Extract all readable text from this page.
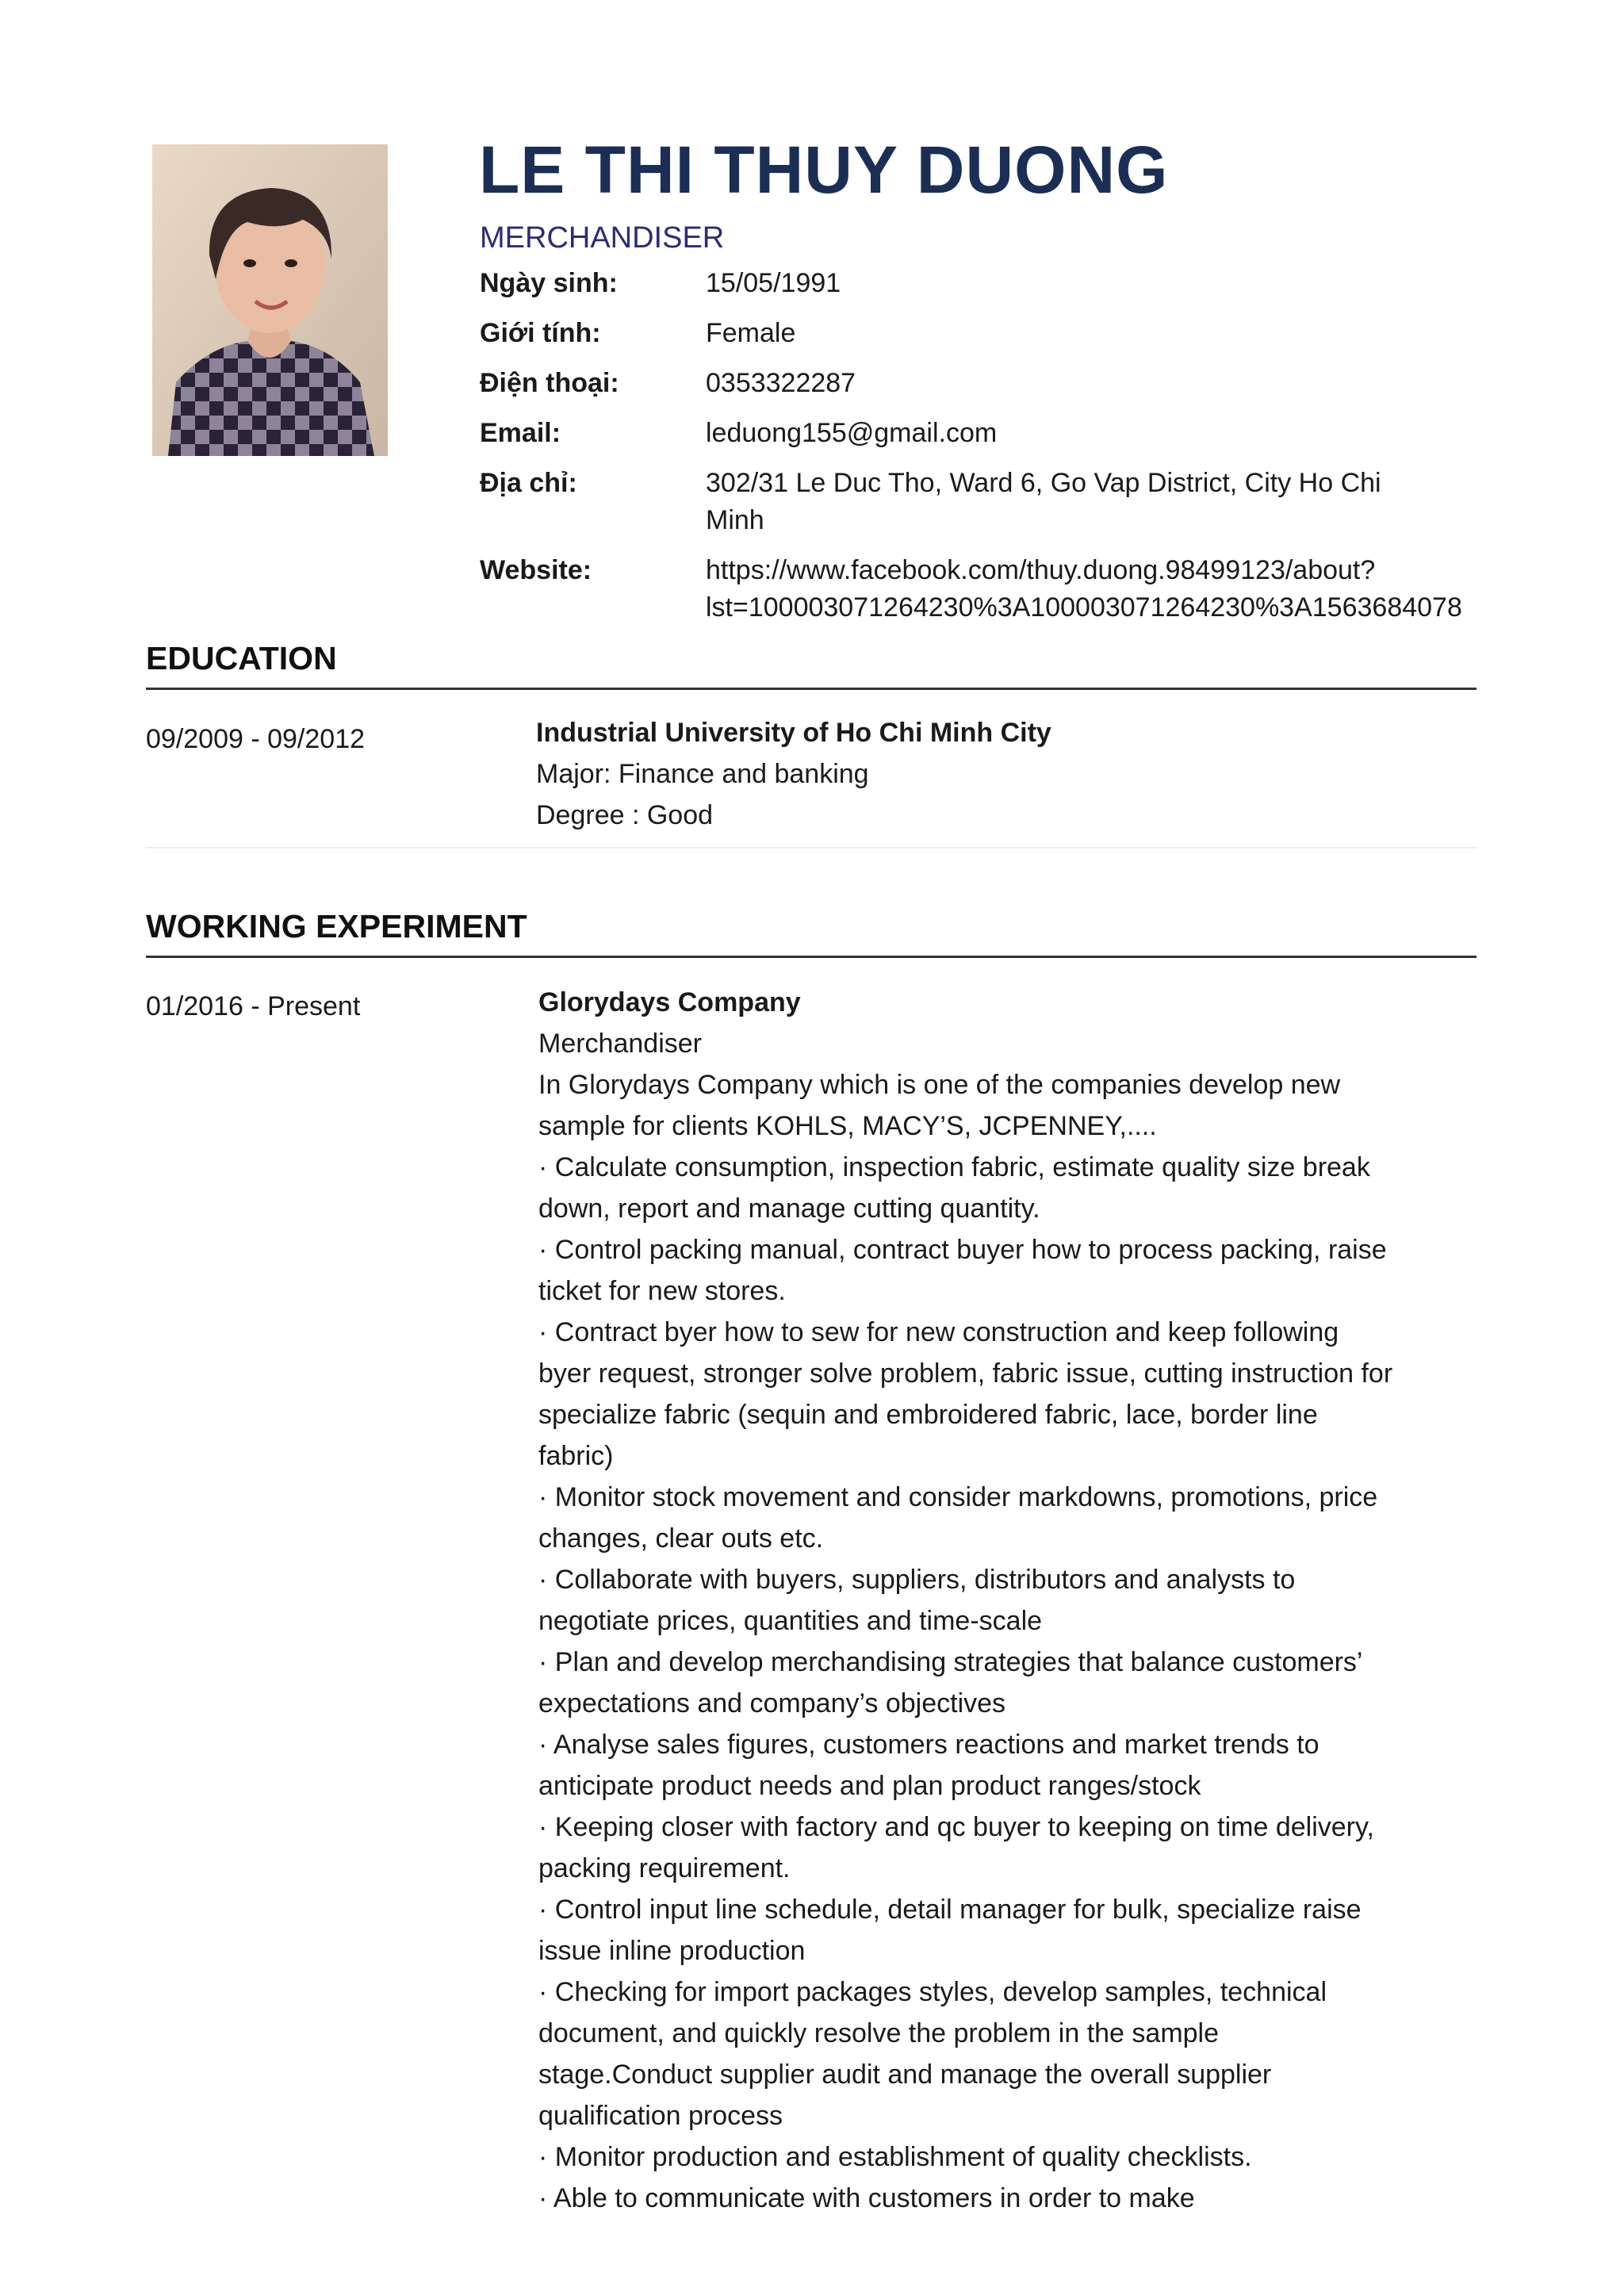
LE THI THUY DUONG
MERCHANDISER
Ngày sinh:	15/05/1991
Giới tính:	Female
Điện thoại:	0353322287
Email:	leduong155@gmail.com
Địa chỉ:	302/31 Le Duc Tho, Ward 6, Go Vap District, City Ho Chi
Minh
Website:	https://www.facebook.com/thuy.duong.98499123/about?
lst=100003071264230%3A100003071264230%3A1563684078
EDUCATION
09/2009 - 09/2012	Industrial University of Ho Chi Minh City
Major: Finance and banking
Degree : Good
WORKING EXPERIMENT
01/2016 - Present	Glorydays Company
Merchandiser
In Glorydays Company which is one of the companies develop new
sample for clients KOHLS, MACY’S, JCPENNEY,....
· Calculate consumption, inspection fabric, estimate quality size break
down, report and manage cutting quantity.
· Control packing manual, contract buyer how to process packing, raise
ticket for new stores.
· Contract byer how to sew for new construction and keep following
byer request, stronger solve problem, fabric issue, cutting instruction for
specialize fabric (sequin and embroidered fabric, lace, border line
fabric)
· Monitor stock movement and consider markdowns, promotions, price
changes, clear outs etc.
· Collaborate with buyers, suppliers, distributors and analysts to
negotiate prices, quantities and time-scale
· Plan and develop merchandising strategies that balance customers’
expectations and company’s objectives
· Analyse sales figures, customers reactions and market trends to
anticipate product needs and plan product ranges/stock
· Keeping closer with factory and qc buyer to keeping on time delivery,
packing requirement.
· Control input line schedule, detail manager for bulk, specialize raise
issue inline production
· Checking for import packages styles, develop samples, technical
document, and quickly resolve the problem in the sample
stage.Conduct supplier audit and manage the overall supplier
qualification process
· Monitor production and establishment of quality checklists.
· Able to communicate with customers in order to make
